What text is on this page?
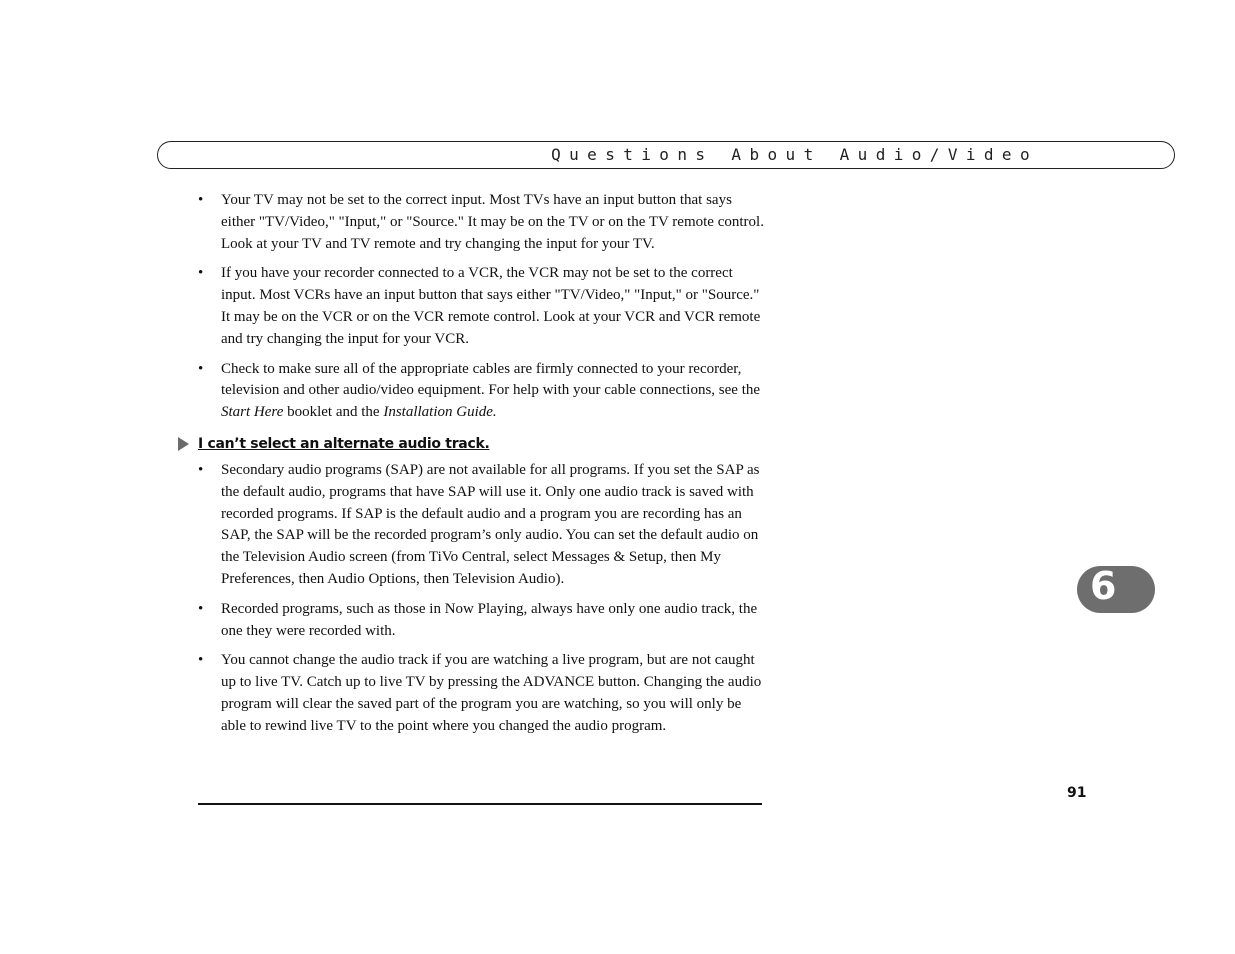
Questions About Audio/Video
• Your TV may not be set to the correct input. Most TVs have an input button that says either "TV/Video," "Input," or "Source." It may be on the TV or on the TV remote control. Look at your TV and TV remote and try changing the input for your TV.
• If you have your recorder connected to a VCR, the VCR may not be set to the correct input. Most VCRs have an input button that says either "TV/Video," "Input," or "Source." It may be on the VCR or on the VCR remote control. Look at your VCR and VCR remote and try changing the input for your VCR.
• Check to make sure all of the appropriate cables are firmly connected to your recorder, television and other audio/video equipment. For help with your cable connections, see the Start Here booklet and the Installation Guide.
I can’t select an alternate audio track.
• Secondary audio programs (SAP) are not available for all programs. If you set the SAP as the default audio, programs that have SAP will use it. Only one audio track is saved with recorded programs. If SAP is the default audio and a program you are recording has an SAP, the SAP will be the recorded program’s only audio. You can set the default audio on the Television Audio screen (from TiVo Central, select Messages & Setup, then My Preferences, then Audio Options, then Television Audio).
• Recorded programs, such as those in Now Playing, always have only one audio track, the one they were recorded with.
• You cannot change the audio track if you are watching a live program, but are not caught up to live TV. Catch up to live TV by pressing the ADVANCE button. Changing the audio program will clear the saved part of the program you are watching, so you will only be able to rewind live TV to the point where you changed the audio program.
91
6
